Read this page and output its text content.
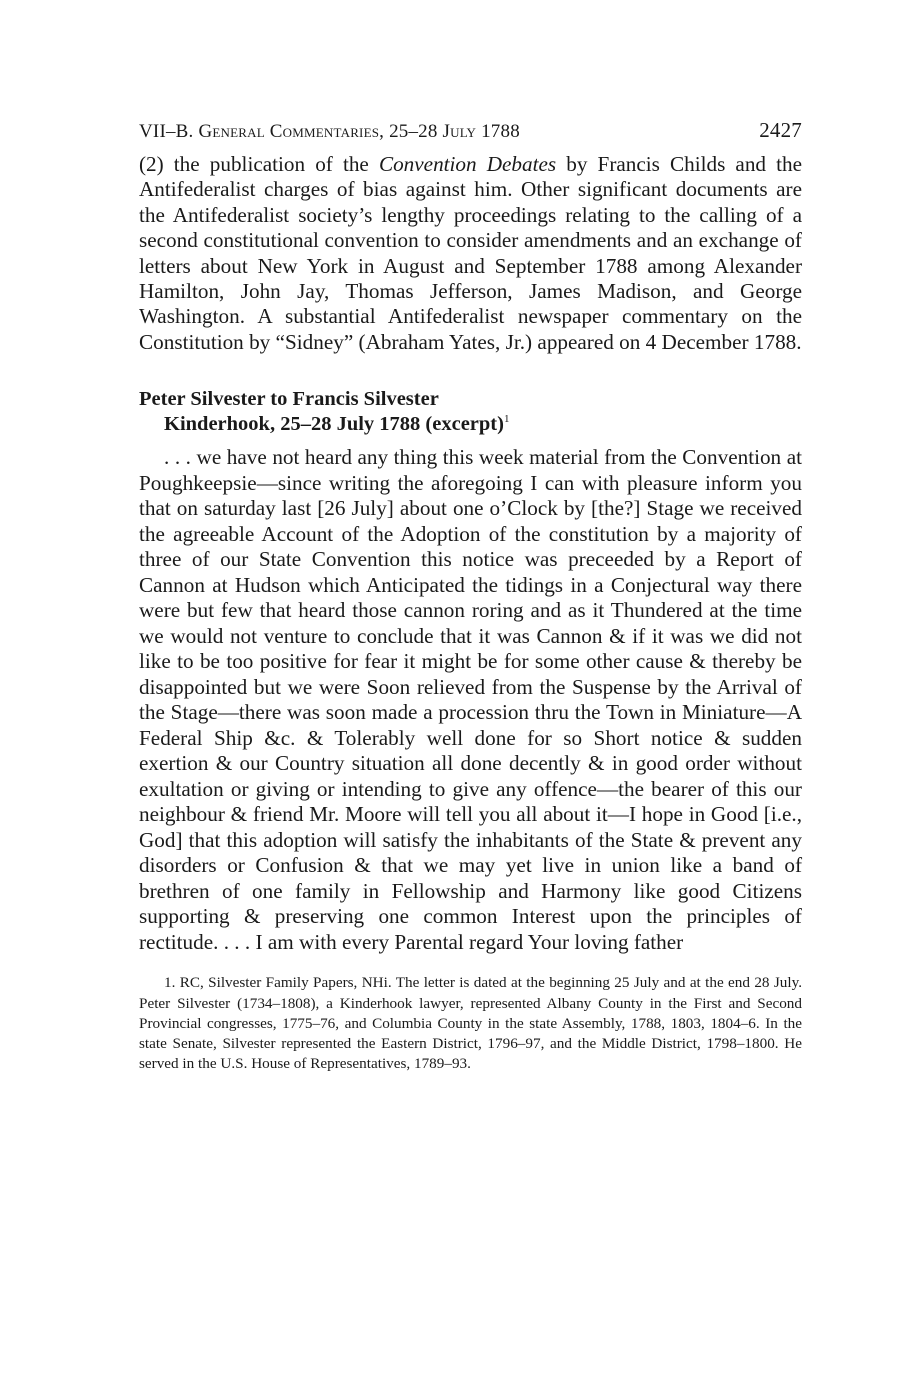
VII–B. General Commentaries, 25–28 July 1788	2427

(2) the publication of the Convention Debates by Francis Childs and the Antifederalist charges of bias against him. Other significant documents are the Antifederalist society’s lengthy proceedings relating to the calling of a second constitutional convention to consider amendments and an exchange of letters about New York in August and September 1788 among Alexander Hamilton, John Jay, Thomas Jefferson, James Madison, and George Washington. A substantial Antifederalist newspaper commentary on the Constitution by “Sidney” (Abraham Yates, Jr.) appeared on 4 December 1788.

Peter Silvester to Francis Silvester
Kinderhook, 25–28 July 1788 (excerpt)$^1$

. . . we have not heard any thing this week material from the Convention at Poughkeepsie—since writing the aforegoing I can with pleasure inform you that on saturday last [26 July] about one o’Clock by [the?] Stage we received the agreeable Account of the Adoption of the constitution by a majority of three of our State Convention this notice was preceeded by a Report of Cannon at Hudson which Anticipated the tidings in a Conjectural way there were but few that heard those cannon roring and as it Thundered at the time we would not venture to conclude that it was Cannon & if it was we did not like to be too positive for fear it might be for some other cause & thereby be disappointed but we were Soon relieved from the Suspense by the Arrival of the Stage—there was soon made a procession thru the Town in Miniature—A Federal Ship &c. & Tolerably well done for so Short notice & sudden exertion & our Country situation all done decently & in good order without exultation or giving or intending to give any offence—the bearer of this our neighbour & friend Mr. Moore will tell you all about it—I hope in Good [i.e., God] that this adoption will satisfy the inhabitants of the State & prevent any disorders or Confusion & that we may yet live in union like a band of brethren of one family in Fellowship and Harmony like good Citizens supporting & preserving one common Interest upon the principles of rectitude. . . . I am with every Parental regard Your loving father

1. RC, Silvester Family Papers, NHi. The letter is dated at the beginning 25 July and at the end 28 July. Peter Silvester (1734–1808), a Kinderhook lawyer, represented Albany County in the First and Second Provincial congresses, 1775–76, and Columbia County in the state Assembly, 1788, 1803, 1804–6. In the state Senate, Silvester represented the Eastern District, 1796–97, and the Middle District, 1798–1800. He served in the U.S. House of Representatives, 1789–93.
